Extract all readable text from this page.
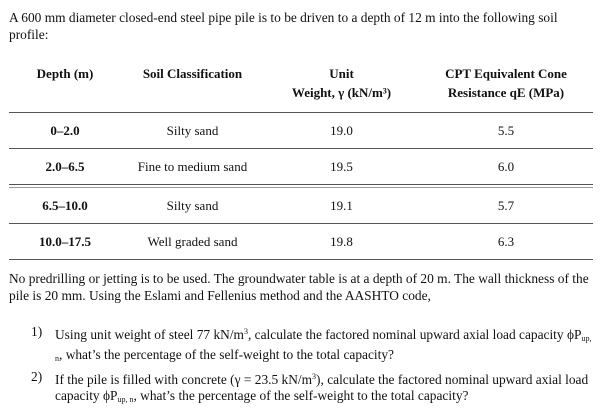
A 600 mm diameter closed-end steel pipe pile is to be driven to a depth of 12 m into the following soil profile:
Depth (m)	Soil Classification	Unit
Weight, γ (kN/m³)	CPT Equivalent Cone
Resistance qE (MPa)
0–2.0	Silty sand	19.0	5.5
2.0–6.5	Fine to medium sand	19.5	6.0

6.5–10.0	Silty sand	19.1	5.7
10.0–17.5	Well graded sand	19.8	6.3
No predrilling or jetting is to be used. The groundwater table is at a depth of 20 m. The wall thickness of the pile is 20 mm. Using the Eslami and Fellenius method and the AASHTO code,
1) Using unit weight of steel 77 $kN/m^3$, calculate the factored nominal upward axial load capacity $\phi P_{up, n}$, what’s the percentage of the self-weight to the total capacity?
2) If the pile is filled with concrete (γ = 23.5 $kN/m^3$), calculate the factored nominal upward axial load capacity $\phi P_{up, n}$, what’s the percentage of the self-weight to the total capacity?
